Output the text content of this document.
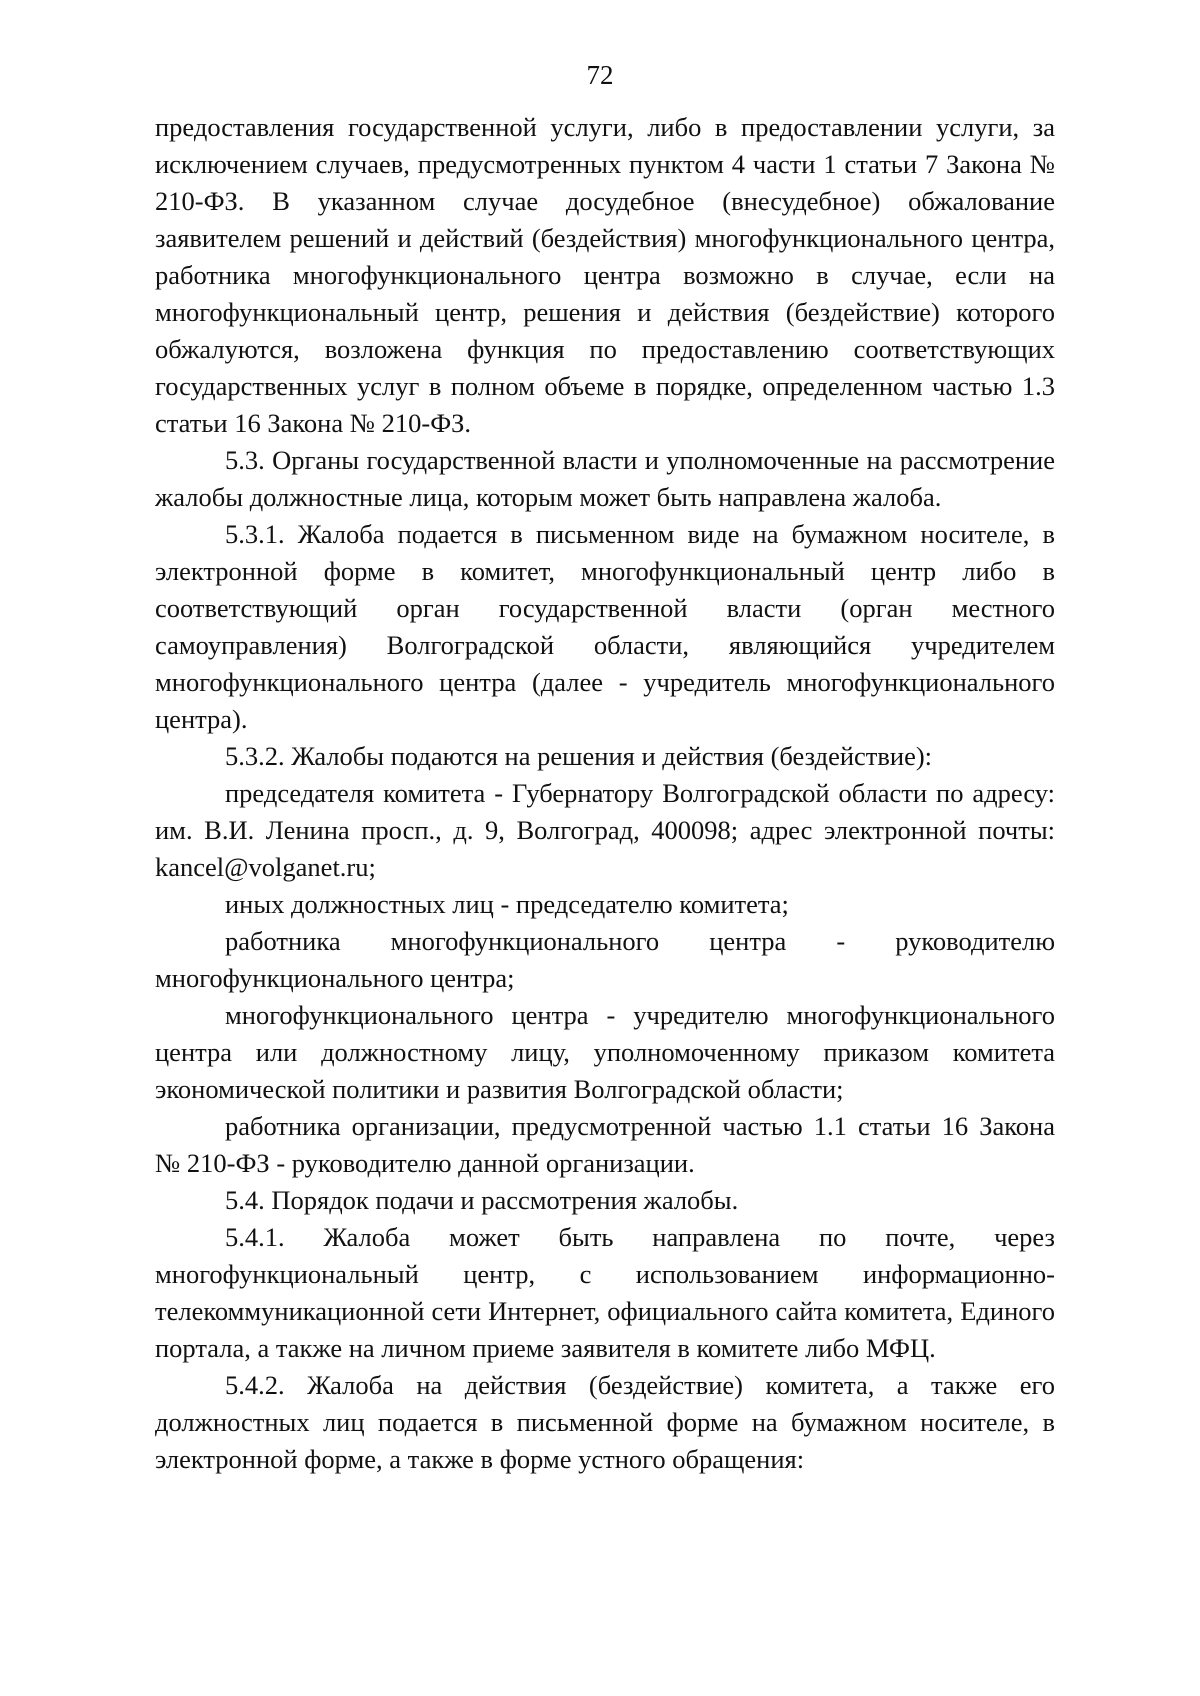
72

предоставления государственной услуги, либо в предоставлении услуги, за исключением случаев, предусмотренных пунктом 4 части 1 статьи 7 Закона № 210-ФЗ. В указанном случае досудебное (внесудебное) обжалование заявителем решений и действий (бездействия) многофункционального центра, работника многофункционального центра возможно в случае, если на многофункциональный центр, решения и действия (бездействие) которого обжалуются, возложена функция по предоставлению соответствующих государственных услуг в полном объеме в порядке, определенном частью 1.3 статьи 16 Закона № 210-ФЗ.

5.3. Органы государственной власти и уполномоченные на рассмотрение жалобы должностные лица, которым может быть направлена жалоба.

5.3.1. Жалоба подается в письменном виде на бумажном носителе, в электронной форме в комитет, многофункциональный центр либо в соответствующий орган государственной власти (орган местного самоуправления) Волгоградской области, являющийся учредителем многофункционального центра (далее - учредитель многофункционального центра).

5.3.2. Жалобы подаются на решения и действия (бездействие):

председателя комитета - Губернатору Волгоградской области по адресу: им. В.И. Ленина просп., д. 9, Волгоград, 400098; адрес электронной почты: kancel@volganet.ru;

иных должностных лиц - председателю комитета;

работника многофункционального центра - руководителю многофункционального центра;

многофункционального центра - учредителю многофункционального центра или должностному лицу, уполномоченному приказом комитета экономической политики и развития Волгоградской области;

работника организации, предусмотренной частью 1.1 статьи 16 Закона № 210-ФЗ - руководителю данной организации.

5.4. Порядок подачи и рассмотрения жалобы.

5.4.1. Жалоба может быть направлена по почте, через многофункциональный центр, с использованием информационно-телекоммуникационной сети Интернет, официального сайта комитета, Единого портала, а также на личном приеме заявителя в комитете либо МФЦ.

5.4.2. Жалоба на действия (бездействие) комитета, а также его должностных лиц подается в письменной форме на бумажном носителе, в электронной форме, а также в форме устного обращения:
